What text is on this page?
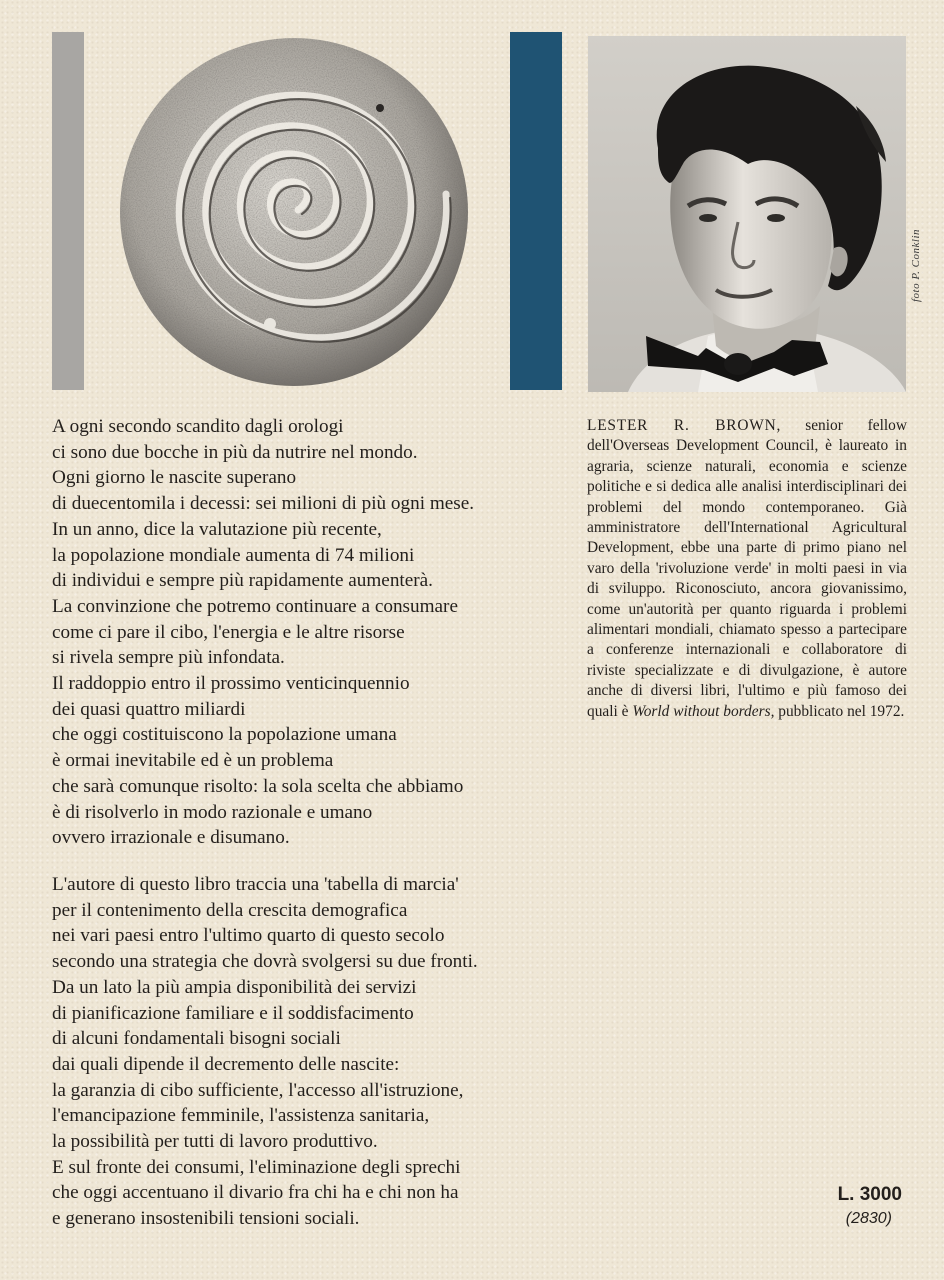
foto P. Conklin
A ogni secondo scandito dagli orologi
ci sono due bocche in più da nutrire nel mondo.
Ogni giorno le nascite superano
di duecentomila i decessi: sei milioni di più ogni mese.
In un anno, dice la valutazione più recente,
la popolazione mondiale aumenta di 74 milioni
di individui e sempre più rapidamente aumenterà.
La convinzione che potremo continuare a consumare
come ci pare il cibo, l'energia e le altre risorse
si rivela sempre più infondata.
Il raddoppio entro il prossimo venticinquennio
dei quasi quattro miliardi
che oggi costituiscono la popolazione umana
è ormai inevitabile ed è un problema
che sarà comunque risolto: la sola scelta che abbiamo
è di risolverlo in modo razionale e umano
ovvero irrazionale e disumano.
L'autore di questo libro traccia una 'tabella di marcia'
per il contenimento della crescita demografica
nei vari paesi entro l'ultimo quarto di questo secolo
secondo una strategia che dovrà svolgersi su due fronti.
Da un lato la più ampia disponibilità dei servizi
di pianificazione familiare e il soddisfacimento
di alcuni fondamentali bisogni sociali
dai quali dipende il decremento delle nascite:
la garanzia di cibo sufficiente, l'accesso all'istruzione,
l'emancipazione femminile, l'assistenza sanitaria,
la possibilità per tutti di lavoro produttivo.
E sul fronte dei consumi, l'eliminazione degli sprechi
che oggi accentuano il divario fra chi ha e chi non ha
e generano insostenibili tensioni sociali.
LESTER R. BROWN, senior fellow dell'Overseas Development Council, è laureato in agraria, scienze naturali, economia e scienze politiche e si dedica alle analisi interdisciplinari dei problemi del mondo contemporaneo. Già amministratore dell'International Agricultural Development, ebbe una parte di primo piano nel varo della 'rivoluzione verde' in molti paesi in via di sviluppo. Riconosciuto, ancora giovanissimo, come un'autorità per quanto riguarda i problemi alimentari mondiali, chiamato spesso a partecipare a conferenze internazionali e collaboratore di riviste specializzate e di divulgazione, è autore anche di diversi libri, l'ultimo e più famoso dei quali è World without borders, pubblicato nel 1972.
L. 3000
(2830)
